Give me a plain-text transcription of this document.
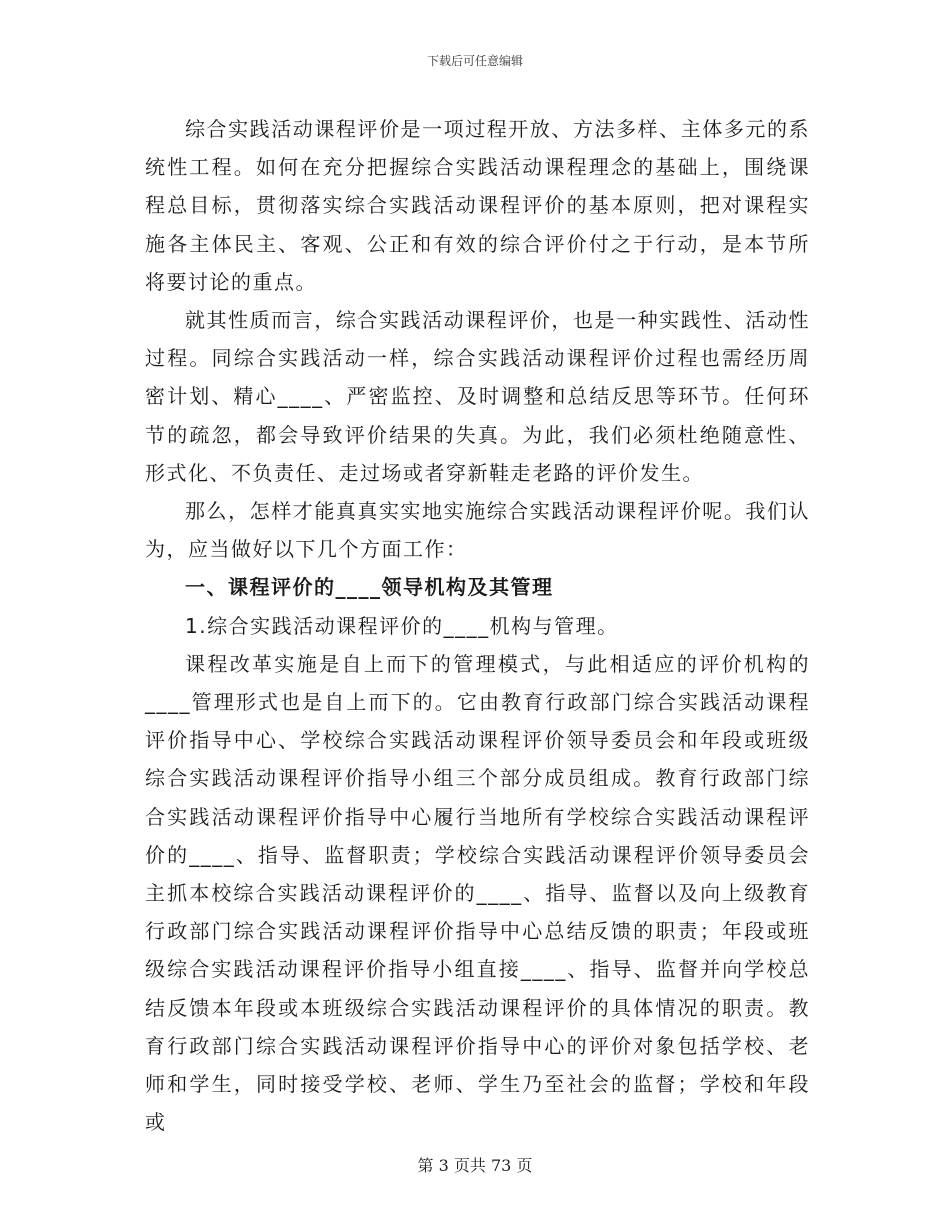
下载后可任意编辑

综合实践活动课程评价是一项过程开放、方法多样、主体多元的系统性工程。如何在充分把握综合实践活动课程理念的基础上，围绕课程总目标，贯彻落实综合实践活动课程评价的基本原则，把对课程实施各主体民主、客观、公正和有效的综合评价付之于行动，是本节所将要讨论的重点。

就其性质而言，综合实践活动课程评价，也是一种实践性、活动性过程。同综合实践活动一样，综合实践活动课程评价过程也需经历周密计划、精心____、严密监控、及时调整和总结反思等环节。任何环节的疏忽，都会导致评价结果的失真。为此，我们必须杜绝随意性、形式化、不负责任、走过场或者穿新鞋走老路的评价发生。

那么，怎样才能真真实实地实施综合实践活动课程评价呢。我们认为，应当做好以下几个方面工作：

一、课程评价的____领导机构及其管理

1.综合实践活动课程评价的____机构与管理。

课程改革实施是自上而下的管理模式，与此相适应的评价机构的____管理形式也是自上而下的。它由教育行政部门综合实践活动课程评价指导中心、学校综合实践活动课程评价领导委员会和年段或班级综合实践活动课程评价指导小组三个部分成员组成。教育行政部门综合实践活动课程评价指导中心履行当地所有学校综合实践活动课程评价的____、指导、监督职责；学校综合实践活动课程评价领导委员会主抓本校综合实践活动课程评价的____、指导、监督以及向上级教育行政部门综合实践活动课程评价指导中心总结反馈的职责；年段或班级综合实践活动课程评价指导小组直接____、指导、监督并向学校总结反馈本年段或本班级综合实践活动课程评价的具体情况的职责。教育行政部门综合实践活动课程评价指导中心的评价对象包括学校、老师和学生，同时接受学校、老师、学生乃至社会的监督；学校和年段或

第 3 页共 73 页
